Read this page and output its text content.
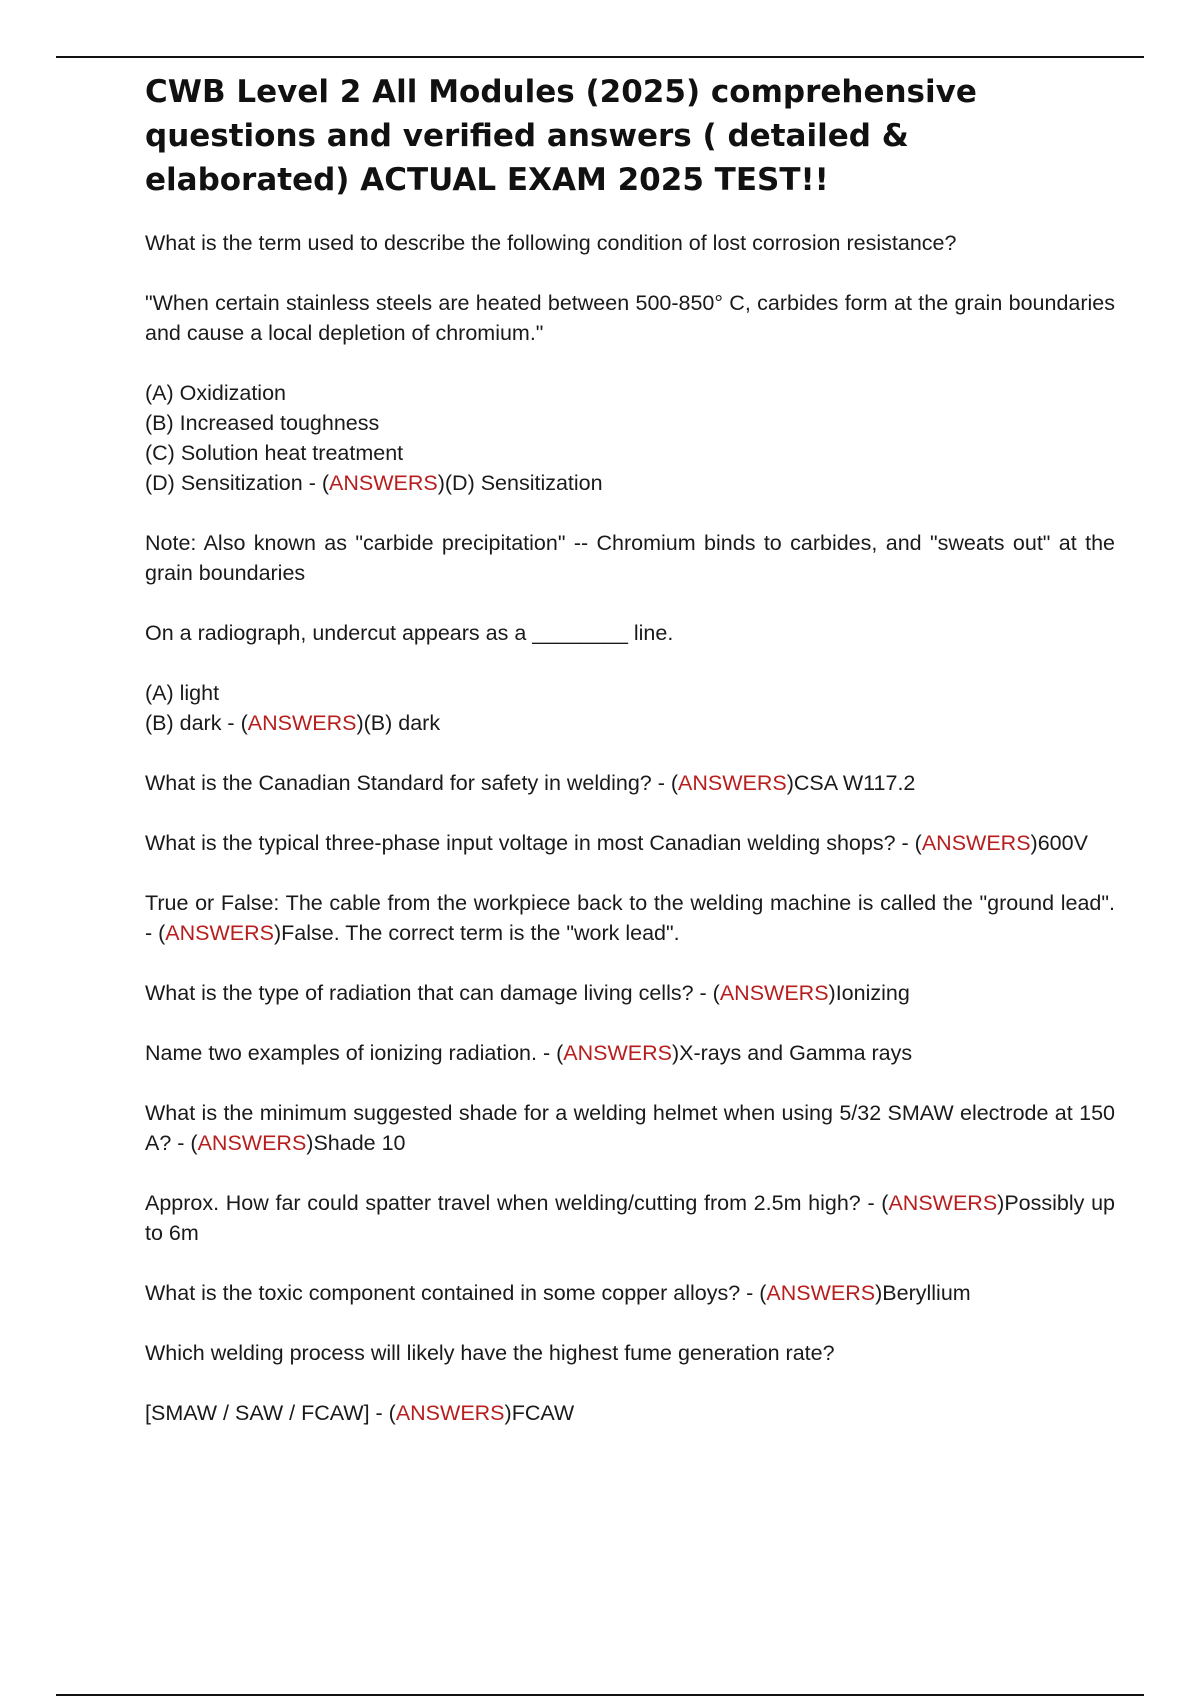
CWB Level 2 All Modules (2025) comprehensive questions and verified answers ( detailed & elaborated) ACTUAL EXAM 2025 TEST!!

What is the term used to describe the following condition of lost corrosion resistance?

"When certain stainless steels are heated between 500-850° C, carbides form at the grain boundaries and cause a local depletion of chromium."

(A) Oxidization
(B) Increased toughness
(C) Solution heat treatment
(D) Sensitization - (ANSWERS)(D) Sensitization

Note: Also known as "carbide precipitation" -- Chromium binds to carbides, and "sweats out" at the grain boundaries

On a radiograph, undercut appears as a ________ line.

(A) light
(B) dark - (ANSWERS)(B) dark

What is the Canadian Standard for safety in welding? - (ANSWERS)CSA W117.2

What is the typical three-phase input voltage in most Canadian welding shops? - (ANSWERS)600V

True or False: The cable from the workpiece back to the welding machine is called the "ground lead". - (ANSWERS)False. The correct term is the "work lead".

What is the type of radiation that can damage living cells? - (ANSWERS)Ionizing

Name two examples of ionizing radiation. - (ANSWERS)X-rays and Gamma rays

What is the minimum suggested shade for a welding helmet when using 5/32 SMAW electrode at 150 A? - (ANSWERS)Shade 10

Approx. How far could spatter travel when welding/cutting from 2.5m high? - (ANSWERS)Possibly up to 6m

What is the toxic component contained in some copper alloys? - (ANSWERS)Beryllium

Which welding process will likely have the highest fume generation rate?

[SMAW / SAW / FCAW] - (ANSWERS)FCAW
